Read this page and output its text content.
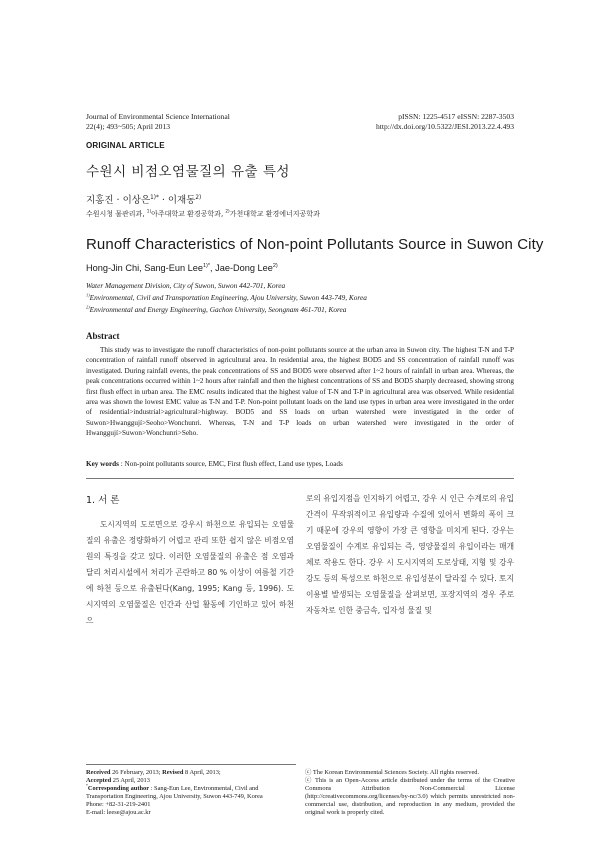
Journal of Environmental Science International
22(4); 493~505; April 2013
pISSN: 1225-4517 eISSN: 2287-3503
http://dx.doi.org/10.5322/JESI.2013.22.4.493
ORIGINAL ARTICLE
수원시 비점오염물질의 유출 특성
지홍진 · 이상은$^{1)*}$ · 이재동$^{2)}$
수원시청 물관리과, $^{1)}$아주대학교 환경공학과, $^{2)}$가천대학교 환경에너지공학과
Runoff Characteristics of Non-point Pollutants Source in Suwon City
Hong-Jin Chi, Sang-Eun Lee$^{1)*}$, Jae-Dong Lee$^{2)}$
Water Management Division, City of Suwon, Suwon 442-701, Korea
$^{1)}$Environmental, Civil and Transportation Engineering, Ajou University, Suwon 443-749, Korea
$^{2)}$Environmental and Energy Engineering, Gachon University, Seongnam 461-701, Korea
Abstract
This study was to investigate the runoff characteristics of non-point pollutants source at the urban area in Suwon city. The highest T-N and T-P concentration of rainfall runoff observed in agricultural area. In residential area, the highest BOD5 and SS concentration of rainfall runoff was investigated. During rainfall events, the peak concentrations of SS and BOD5 were observed after 1~2 hours of rainfall in urban area. Whereas, the peak concentrations occurred within 1~2 hours after rainfall and then the highest concentrations of SS and BOD5 sharply decreased, showing strong first flush effect in urban area. The EMC results indicated that the highest value of T-N and T-P in agricultural area was observed. While residential area was shown the lowest EMC value as T-N and T-P. Non-point pollutant loads on the land use types in urban area were investigated in the order of residential>industrial>agricultural>highway. BOD5 and SS loads on urban watershed were investigated in the order of Suwon>Hwanggují>Seoho>Wonchunri. Whereas, T-N and T-P loads on urban watershed were investigated in the order of Hwanggují>Suwon>Wonchunri>Seho.
Key words : Non-point pollutants source, EMC, First flush effect, Land use types, Loads
1. 서 론

도시지역의 도로면으로 강우시 하천으로 유입되는 오염물질의 유출은 정량화하기 어렵고 관리 또한 쉽지 않은 비점오염원의 특징을 갖고 있다. 이러한 오염물질의 유출은 점 오염과 달리 처리시설에서 처리가 곤란하고 80 % 이상이 여름철 기간에 하천 등으로 유출된다(Kang, 1995; Kang 등, 1996). 도시지역의 오염물질은 인간과 산업 활동에 기인하고 있어 하천으

로의 유입지점을 인지하기 어렵고, 강우 시 인근 수계로의 유입 간격이 무작위적이고 유입량과 수질에 있어서 변화의 폭이 크기 때문에 강우의 영향이 가장 큰 영향을 미치게 된다. 강우는 오염물질이 수계로 유입되는 즉, 영양물질의 유입이라는 매개체로 작용도 한다. 강우 시 도시지역의 도로상태, 지형 및 강우강도 등의 특성으로 하천으로 유입성분이 달라질 수 있다. 토지이용별 발생되는 오염물질을 살펴보면, 포장지역의 경우 주로 자동차로 인한 중금속, 입자성 물질 및

Received 26 February, 2013; Revised 8 April, 2013;
Accepted 25 April, 2013
*Corresponding author : Sang-Eun Lee, Environmental, Civil and Transportation Engineering, Ajou University, Suwon 443-749, Korea
Phone: +82-31-219-2401
E-mail: leese@ajou.ac.kr
ⓒ The Korean Environmental Sciences Society. All rights reserved.
ⓒ This is an Open-Access article distributed under the terms of the Creative Commons Attribution Non-Commercial License (http://creativecommons.org/licenses/by-nc/3.0) which permits unrestricted non-commercial use, distribution, and reproduction in any medium, provided the original work is properly cited.
